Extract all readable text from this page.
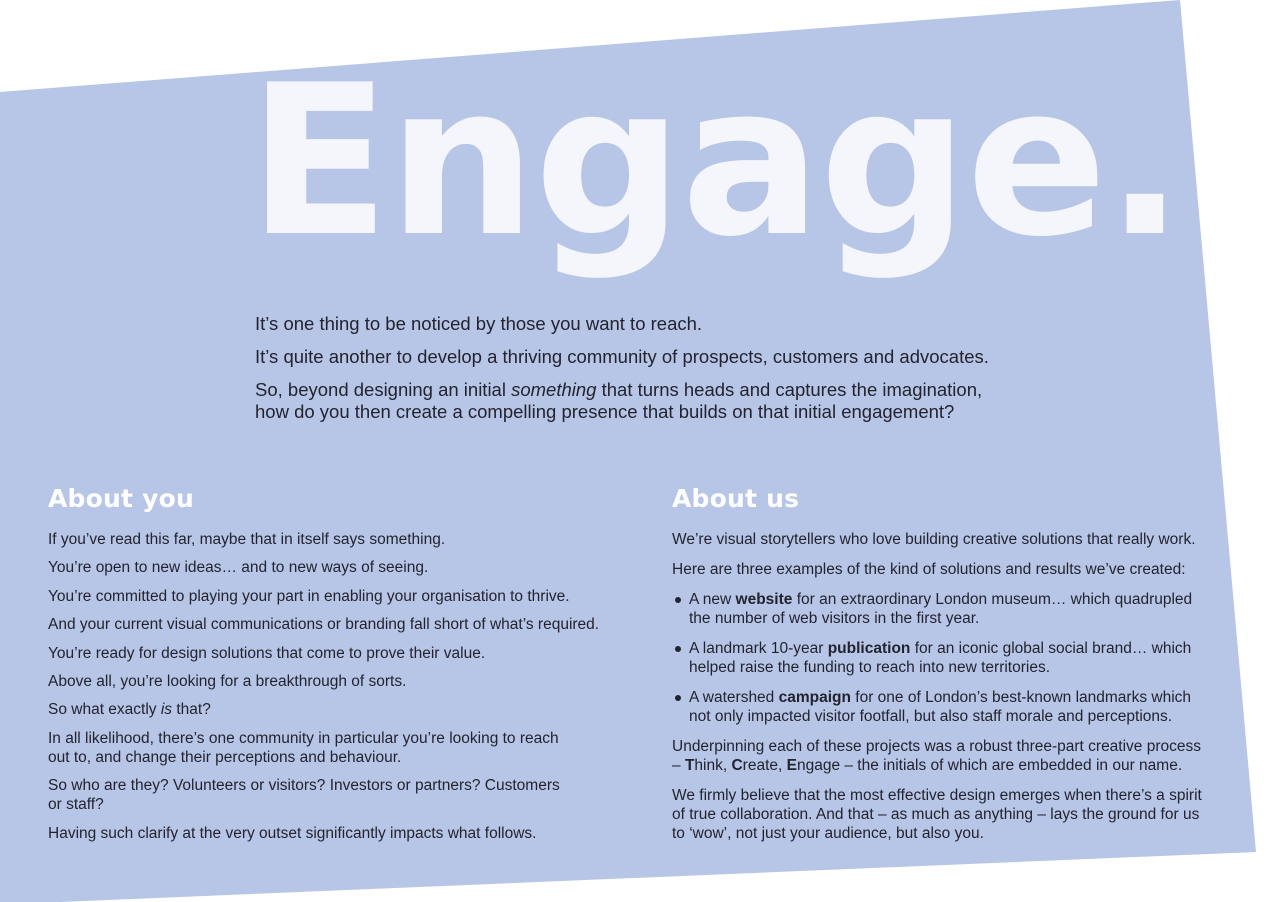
Engage.

It’s one thing to be noticed by those you want to reach.

It’s quite another to develop a thriving community of prospects, customers and advocates.

So, beyond designing an initial something that turns heads and captures the imagination,

how do you then create a compelling presence that builds on that initial engagement?

About you

If you’ve read this far, maybe that in itself says something.

You’re open to new ideas… and to new ways of seeing.

You’re committed to playing your part in enabling your organisation to thrive.

And your current visual communications or branding fall short of what’s required.

You’re ready for design solutions that come to prove their value.

Above all, you’re looking for a breakthrough of sorts.

So what exactly is that?

In all likelihood, there’s one community in particular you’re looking to reach

out to, and change their perceptions and behaviour.

So who are they? Volunteers or visitors? Investors or partners? Customers

or staff?

Having such clarify at the very outset significantly impacts what follows.

About us

We’re visual storytellers who love building creative solutions that really work.

Here are three examples of the kind of solutions and results we’ve created:

A new website for an extraordinary London museum… which quadrupled
the number of web visitors in the first year.
A landmark 10-year publication for an iconic global social brand… which
helped raise the funding to reach into new territories.
A watershed campaign for one of London’s best-known landmarks which
not only impacted visitor footfall, but also staff morale and perceptions.

Underpinning each of these projects was a robust three-part creative process

– Think, Create, Engage – the initials of which are embedded in our name.

We firmly believe that the most effective design emerges when there’s a spirit

of true collaboration. And that – as much as anything – lays the ground for us

to ‘wow’, not just your audience, but also you.
